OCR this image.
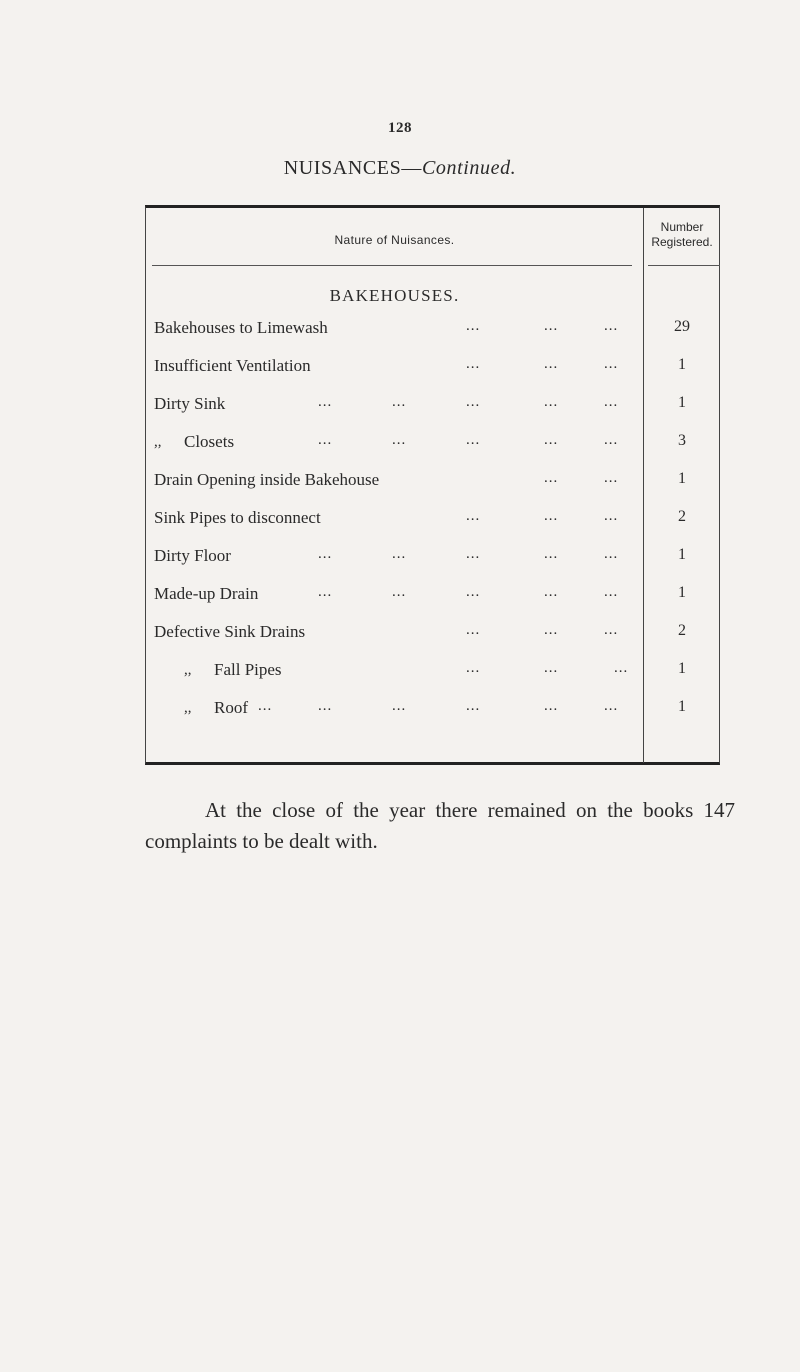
128
NUISANCES—Continued.
Nature of Nuisances.
Number
Registered.
BAKEHOUSES.
Bakehouses to Limewash	...	...	...	29
Insufficient Ventilation	...	...	...	1
Dirty Sink	...	...	...	...	...	1
,, Closets	...	...	...	...	...	3
Drain Opening inside Bakehouse	...	...	1
Sink Pipes to disconnect	...	...	...	2
Dirty Floor	...	...	...	...	...	1
Made-up Drain	...	...	...	...	...	1
Defective Sink Drains	...	...	...	2
,, Fall Pipes	...	...	...	1
,, Roof ...	...	...	...	...	...	1
At the close of the year there remained on the books 147 complaints to be dealt with.
